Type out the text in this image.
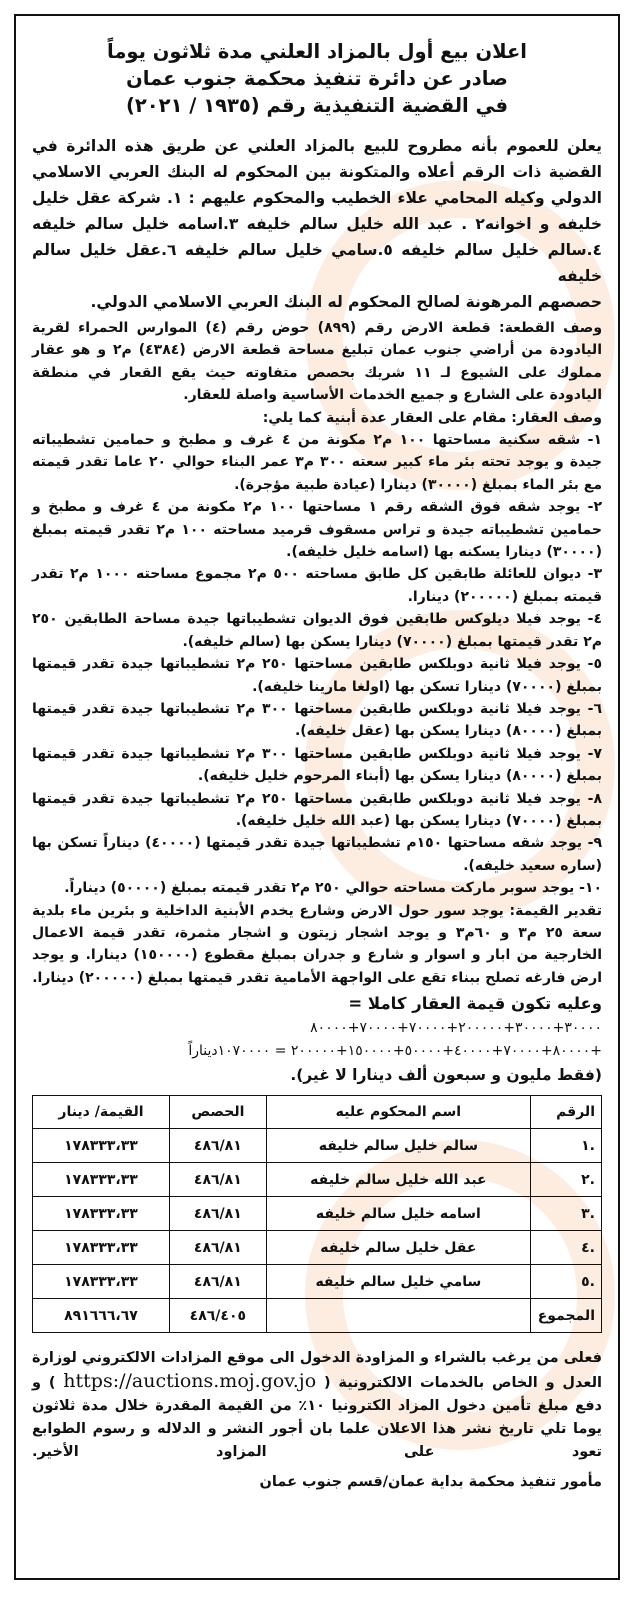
اعلان بيع أول بالمزاد العلني مدة ثلاثون يوماً

صادر عن دائرة تنفيذ محكمة جنوب عمان

في القضية التنفيذية رقم (١٩٣٥ / ٢٠٢١)

يعلن للعموم بأنه مطروح للبيع بالمزاد العلني عن طريق هذه الدائرة في القضية ذات الرقم أعلاه والمتكونة بين المحكوم له البنك العربي الاسلامي الدولي وكيله المحامي علاء الخطيب والمحكوم عليهم : ١. شركة عقل خليل خليفه و اخوانه٢ . عبد الله خليل سالم خليفه ٣.اسامه خليل سالم خليفه ٤.سالم خليل سالم خليفه ٥.سامي خليل سالم خليفه ٦.عقل خليل سالم خليفه
حصصهم المرهونة لصالح المحكوم له البنك العربي الاسلامي الدولي.

وصف القطعة: قطعة الارض رقم (٨٩٩) حوض رقم (٤) الموارس الحمراء لقرية اليادودة من أراضي جنوب عمان تبليغ مساحة قطعة الارض (٤٣٨٤) م٢ و هو عقار مملوك على الشيوع لـ ١١ شريك بحصص متفاوته حيث يقع القعار في منطقة اليادودة على الشارع و جميع الخدمات الأساسية واصلة للعقار.

وصف العقار: مقام على العقار عدة أبنية كما يلي:

١- شقه سكنية مساحتها ١٠٠ م٢ مكونة من ٤ غرف و مطبخ و حمامين تشطيباته جيدة و يوجد تحته بئر ماء كبير سعته ٣٠٠ م٣ عمر البناء حوالي ٢٠ عاما تقدر قيمته مع بئر الماء بمبلغ (٣٠٠٠٠) دينارا (عيادة طبية مؤجرة).

٢- يوجد شقه فوق الشقه رقم ١ مساحتها ١٠٠ م٢ مكونة من ٤ غرف و مطبخ و حمامين تشطيباته جيدة و تراس مسقوف قرميد مساحته ١٠٠ م٢ تقدر قيمته بمبلغ (٣٠٠٠٠) دينارا يسكنه بها (اسامه خليل خليفه).

٣- ديوان للعائلة طابقين كل طابق مساحته ٥٠٠ م٢ مجموع مساحته ١٠٠٠ م٢ تقدر قيمته بمبلغ (٢٠٠٠٠٠) دينارا.

٤- يوجد فيلا ديلوكس طابقين فوق الديوان تشطيباتها جيدة مساحة الطابقين ٢٥٠ م٢ تقدر قيمتها بمبلغ (٧٠٠٠٠) دينارا يسكن بها (سالم خليفه).

٥- يوجد فيلا ثانية دوبلكس طابقين مساحتها ٢٥٠ م٢ تشطيباتها جيدة تقدر قيمتها بمبلغ (٧٠٠٠٠) دينارا تسكن بها (اولغا مارينا خليفه).

٦- يوجد فيلا ثانية دوبلكس طابقين مساحتها ٣٠٠ م٢ تشطيباتها جيدة تقدر قيمتها بمبلغ (٨٠٠٠٠) دينارا يسكن بها (عقل خليفه).

٧- يوجد فيلا ثانية دوبلكس طابقين مساحتها ٣٠٠ م٢ تشطيباتها جيدة تقدر قيمتها بمبلغ (٨٠٠٠٠) دينارا يسكن بها (أبناء المرحوم خليل خليفه).

٨- يوجد فيلا ثانية دوبلكس طابقين مساحتها ٢٥٠ م٢ تشطيباتها جيدة تقدر قيمتها بمبلغ (٧٠٠٠٠) دينارا يسكن بها (عبد الله خليل خليفه).

٩- يوجد شقه مساحتها ١٥٠م تشطيباتها جيدة تقدر قيمتها (٤٠٠٠٠) ديناراً تسكن بها (ساره سعيد خليفه).

١٠- يوجد سوبر ماركت مساحته حوالي ٢٥٠ م٢ تقدر قيمته بمبلغ (٥٠٠٠٠) ديناراً.

تقدير القيمة: يوجد سور حول الارض وشارع يخدم الأبنية الداخلية و بئرين ماء بلدية سعة ٢٥ م٣ و ٦٠م٣ و يوجد اشجار زيتون و اشجار مثمرة، تقدر قيمة الاعمال الخارجية من ابار و اسوار و شارع و جدران بمبلغ مقطوع (١٥٠٠٠٠) دينارا. و يوجد ارض فارغه تصلح ببناء تقع على الواجهة الأمامية تقدر قيمتها بمبلغ (٢٠٠٠٠٠) دينارا.

وعليه تكون قيمة العقار كاملا =

٣٠٠٠٠+٣٠٠٠٠+٢٠٠٠٠٠+٧٠٠٠٠+٧٠٠٠٠+٨٠٠٠٠

+٨٠٠٠٠+٧٠٠٠٠+٤٠٠٠٠+٥٠٠٠٠+١٥٠٠٠٠+٢٠٠٠٠٠ = ١٠٧٠٠٠٠ديناراً

(فقط مليون و سبعون ألف دينارا لا غير).

الرقم	اسم المحكوم عليه	الحصص	القيمة/ دينار
.١	سالم خليل سالم خليفه	٤٨٦/٨١	١٧٨٣٣٣،٣٣
.٢	عبد الله خليل سالم خليفه	٤٨٦/٨١	١٧٨٣٣٣،٣٣
.٣	اسامه خليل سالم خليفه	٤٨٦/٨١	١٧٨٣٣٣،٣٣
.٤	عقل خليل سالم خليفه	٤٨٦/٨١	١٧٨٣٣٣،٣٣
.٥	سامي خليل سالم خليفه	٤٨٦/٨١	١٧٨٣٣٣،٣٣
المجموع		٤٨٦/٤٠٥	٨٩١٦٦٦،٦٧

فعلى من يرغب بالشراء و المزاودة الدخول الى موقع المزادات الالكتروني لوزارة العدل و الخاص بالخدمات الالكترونية ( https://auctions.moj.gov.jo ) و دفع مبلغ تأمين دخول المزاد الكترونيا ١٠٪ من القيمة المقدرة خلال مدة ثلاثون يوما تلي تاريخ نشر هذا الاعلان علما بان أجور النشر و الدلاله و رسوم الطوابع تعود على المزاود الأخير.

مأمور تنفيذ محكمة بداية عمان/قسم جنوب عمان
